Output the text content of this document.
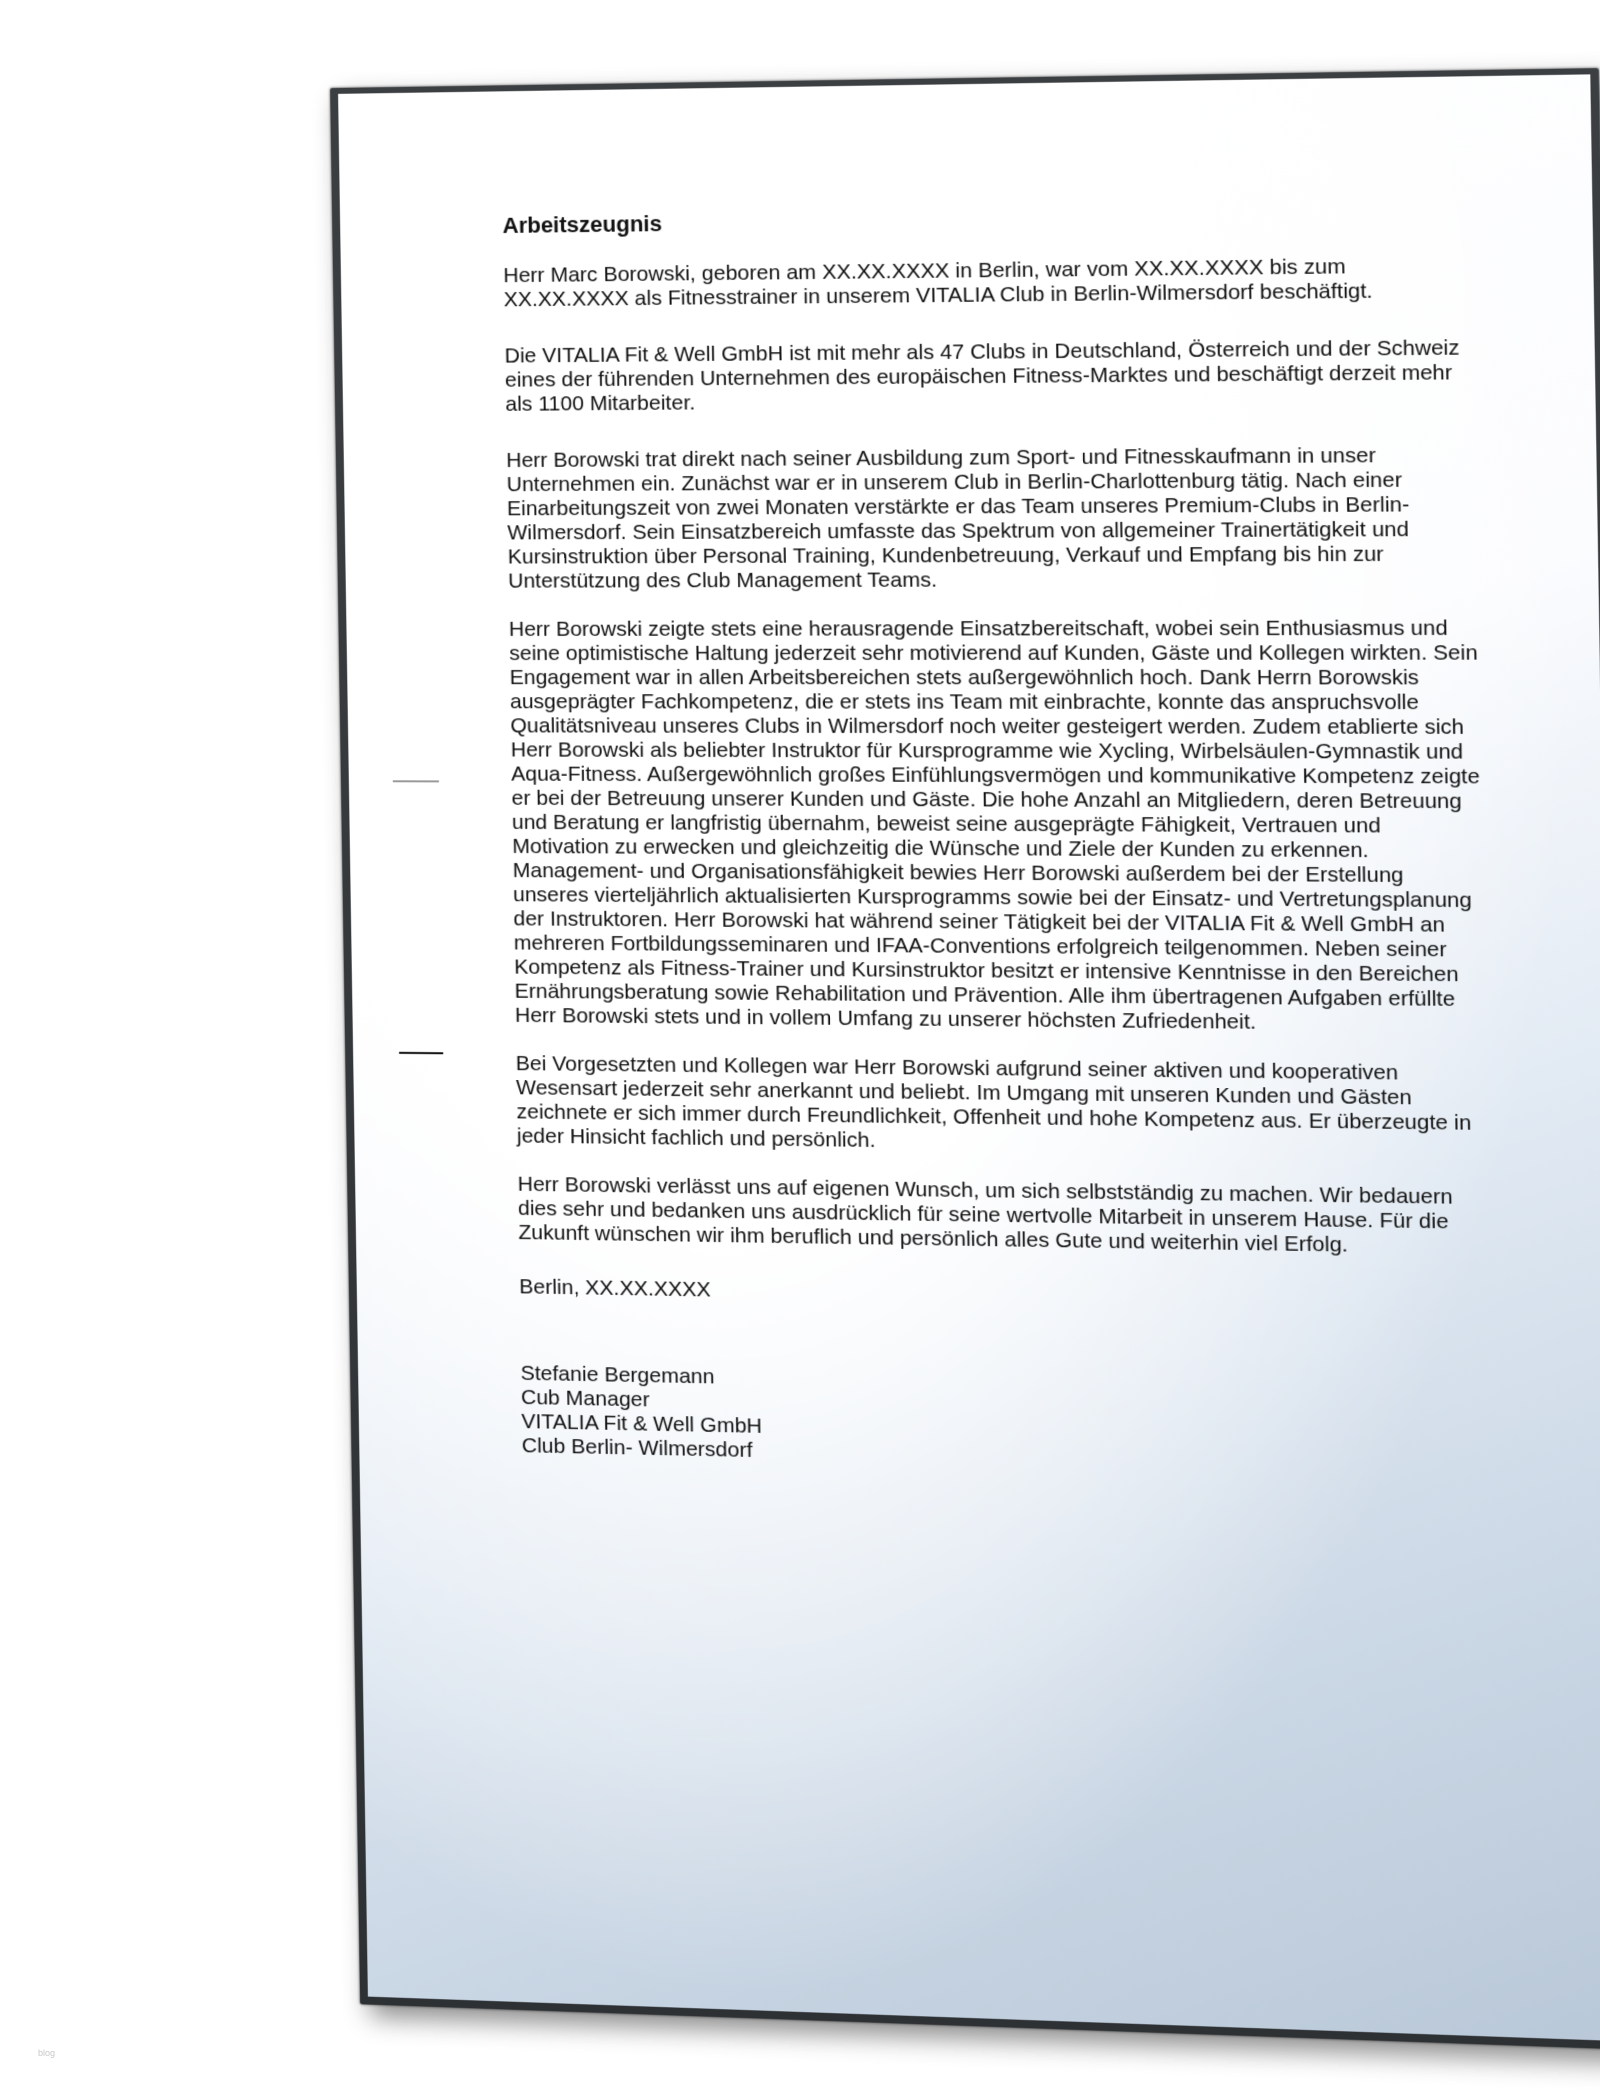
Arbeitszeugnis

Herr Marc Borowski, geboren am XX.XX.XXXX in Berlin, war vom XX.XX.XXXX bis zum XX.XX.XXXX als Fitnesstrainer in unserem VITALIA Club in Berlin-Wilmersdorf beschäftigt.

Die VITALIA Fit & Well GmbH ist mit mehr als 47 Clubs in Deutschland, Österreich und der Schweiz eines der führenden Unternehmen des europäischen Fitness-Marktes und beschäftigt derzeit mehr als 1100 Mitarbeiter.

Herr Borowski trat direkt nach seiner Ausbildung zum Sport- und Fitnesskaufmann in unser Unternehmen ein. Zunächst war er in unserem Club in Berlin-Charlottenburg tätig. Nach einer Einarbeitungszeit von zwei Monaten verstärkte er das Team unseres Premium-Clubs in Berlin-Wilmersdorf. Sein Einsatzbereich umfasste das Spektrum von allgemeiner Trainertätigkeit und Kursinstruktion über Personal Training, Kundenbetreuung, Verkauf und Empfang bis hin zur Unterstützung des Club Management Teams.

Herr Borowski zeigte stets eine herausragende Einsatzbereitschaft, wobei sein Enthusiasmus und seine optimistische Haltung jederzeit sehr motivierend auf Kunden, Gäste und Kollegen wirkten. Sein Engagement war in allen Arbeitsbereichen stets außergewöhnlich hoch. Dank Herrn Borowskis ausgeprägter Fachkompetenz, die er stets ins Team mit einbrachte, konnte das anspruchsvolle Qualitätsniveau unseres Clubs in Wilmersdorf noch weiter gesteigert werden. Zudem etablierte sich Herr Borowski als beliebter Instruktor für Kursprogramme wie Xycling, Wirbelsäulen-Gymnastik und Aqua-Fitness. Außergewöhnlich großes Einfühlungsvermögen und kommunikative Kompetenz zeigte er bei der Betreuung unserer Kunden und Gäste. Die hohe Anzahl an Mitgliedern, deren Betreuung und Beratung er langfristig übernahm, beweist seine ausgeprägte Fähigkeit, Vertrauen und Motivation zu erwecken und gleichzeitig die Wünsche und Ziele der Kunden zu erkennen. Management- und Organisationsfähigkeit bewies Herr Borowski außerdem bei der Erstellung unseres vierteljährlich aktualisierten Kursprogramms sowie bei der Einsatz- und Vertretungsplanung der Instruktoren. Herr Borowski hat während seiner Tätigkeit bei der VITALIA Fit & Well GmbH an mehreren Fortbildungsseminaren und IFAA-Conventions erfolgreich teilgenommen. Neben seiner Kompetenz als Fitness-Trainer und Kursinstruktor besitzt er intensive Kenntnisse in den Bereichen Ernährungsberatung sowie Rehabilitation und Prävention. Alle ihm übertragenen Aufgaben erfüllte Herr Borowski stets und in vollem Umfang zu unserer höchsten Zufriedenheit.

Bei Vorgesetzten und Kollegen war Herr Borowski aufgrund seiner aktiven und kooperativen Wesensart jederzeit sehr anerkannt und beliebt. Im Umgang mit unseren Kunden und Gästen zeichnete er sich immer durch Freundlichkeit, Offenheit und hohe Kompetenz aus. Er überzeugte in jeder Hinsicht fachlich und persönlich.

Herr Borowski verlässt uns auf eigenen Wunsch, um sich selbstständig zu machen. Wir bedauern dies sehr und bedanken uns ausdrücklich für seine wertvolle Mitarbeit in unserem Hause. Für die Zukunft wünschen wir ihm beruflich und persönlich alles Gute und weiterhin viel Erfolg.

Berlin, XX.XX.XXXX
Stefanie Bergemann
Cub Manager
VITALIA Fit & Well GmbH
Club Berlin- Wilmersdorf
blog
